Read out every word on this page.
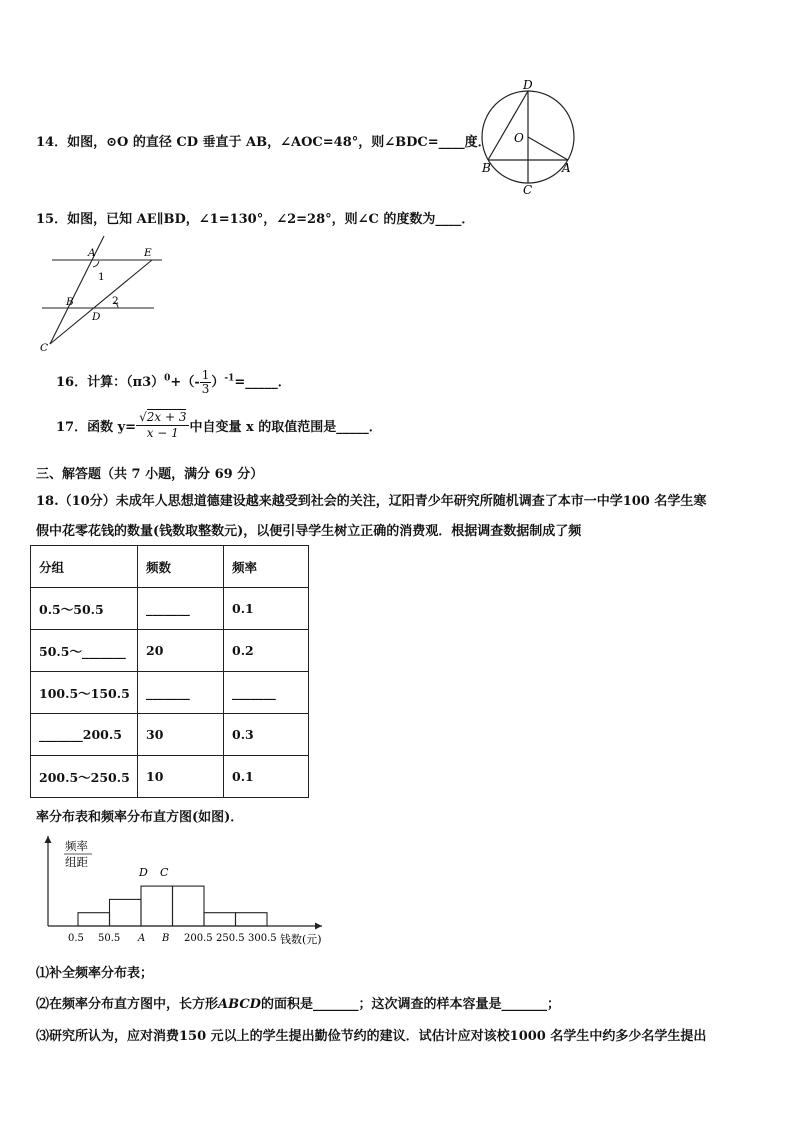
14．如图，⊙O 的直径 CD 垂直于 AB，∠AOC=48°，则∠BDC=____度．
D
O
B	A
C
15．如图，已知 AE∥BD，∠1=130°，∠2=28°，则∠C 的度数为____．
A	E
1
B	2
D
C
16．计算：$(\pi 3)^0+(- \frac{1}{3}$ ）$^{-1}$=_____．
17．函数 $y= \frac{√2x + 3}{x - 1}$ 中自变量 x 的取值范围是_____．
三、解答题（共 7 小题，满分 69 分）
18.（10分）未成年人思想道德建设越来越受到社会的关注，辽阳青少年研究所随机调查了本市一中学100 名学生寒
假中花零花钱的数量(钱数取整数元)，以便引导学生树立正确的消费观．根据调查数据制成了频
分组	频数	频率
0.5～50.5	_______	0.1
50.5～_______	20	0.2
100.5～150.5	_______	_______
_______200.5	30	0.3
200.5～250.5	10	0.1
率分布表和频率分布直方图(如图)．
频率
组距
D C
0.5 50.5 A B 200.5 250.5 300.5 钱数(元)
⑴补全频率分布表；
⑵在频率分布直方图中，长方形ABCD的面积是_______；这次调查的样本容量是_______；
⑶研究所认为，应对消费150 元以上的学生提出勤俭节约的建议．试估计应对该校1000 名学生中约多少名学生提出
